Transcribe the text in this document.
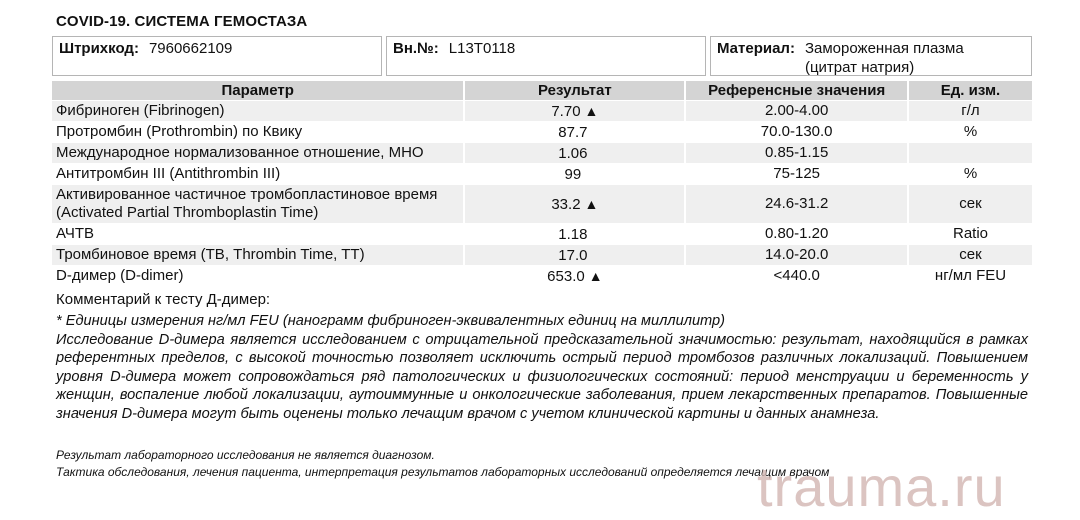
COVID-19. СИСТЕМА ГЕМОСТАЗА
Штрихкод: 7960662109	Вн.№: L13T0118	Материал: Замороженная плазма
(цитрат натрия)
Параметр	Результат	Референсные значения	Ед. изм.
Фибриноген (Fibrinogen)	7.70 ▲	2.00-4.00	г/л
Протромбин (Prothrombin) по Квику	87.7	70.0-130.0	%
Международное нормализованное отношение, МНО	1.06	0.85-1.15	
Антитромбин III (Antithrombin III)	99	75-125	%
Активированное частичное тромбопластиновое время
(Activated Partial Thromboplastin Time)	33.2 ▲	24.6-31.2	сек
АЧТВ	1.18	0.80-1.20	Ratio
Тромбиновое время (ТВ, Thrombin Time, TT)	17.0	14.0-20.0	сек
D-димер (D-dimer)	653.0 ▲	<440.0	нг/мл FEU
Комментарий к тесту Д-димер:
* Единицы измерения нг/мл FEU (нанограмм фибриноген-эквивалентных единиц на миллилитр)
Исследование D-димера является исследованием с отрицательной предсказательной значимостью: результат, находящийся в рамках референтных пределов, с высокой точностью позволяет исключить острый период тромбозов различных локализаций. Повышением уровня D-димера может сопровождаться ряд патологических и физиологических состояний: период менструации и беременность у женщин, воспаление любой локализации, аутоиммунные и онкологические заболевания, прием лекарственных препаратов. Повышенные значения D-димера могут быть оценены только лечащим врачом с учетом клинической картины и данных анамнеза.
Результат лабораторного исследования не является диагнозом.
Тактика обследования, лечения пациента, интерпретация результатов лабораторных исследований определяется лечащим врачом
trauma.ru
